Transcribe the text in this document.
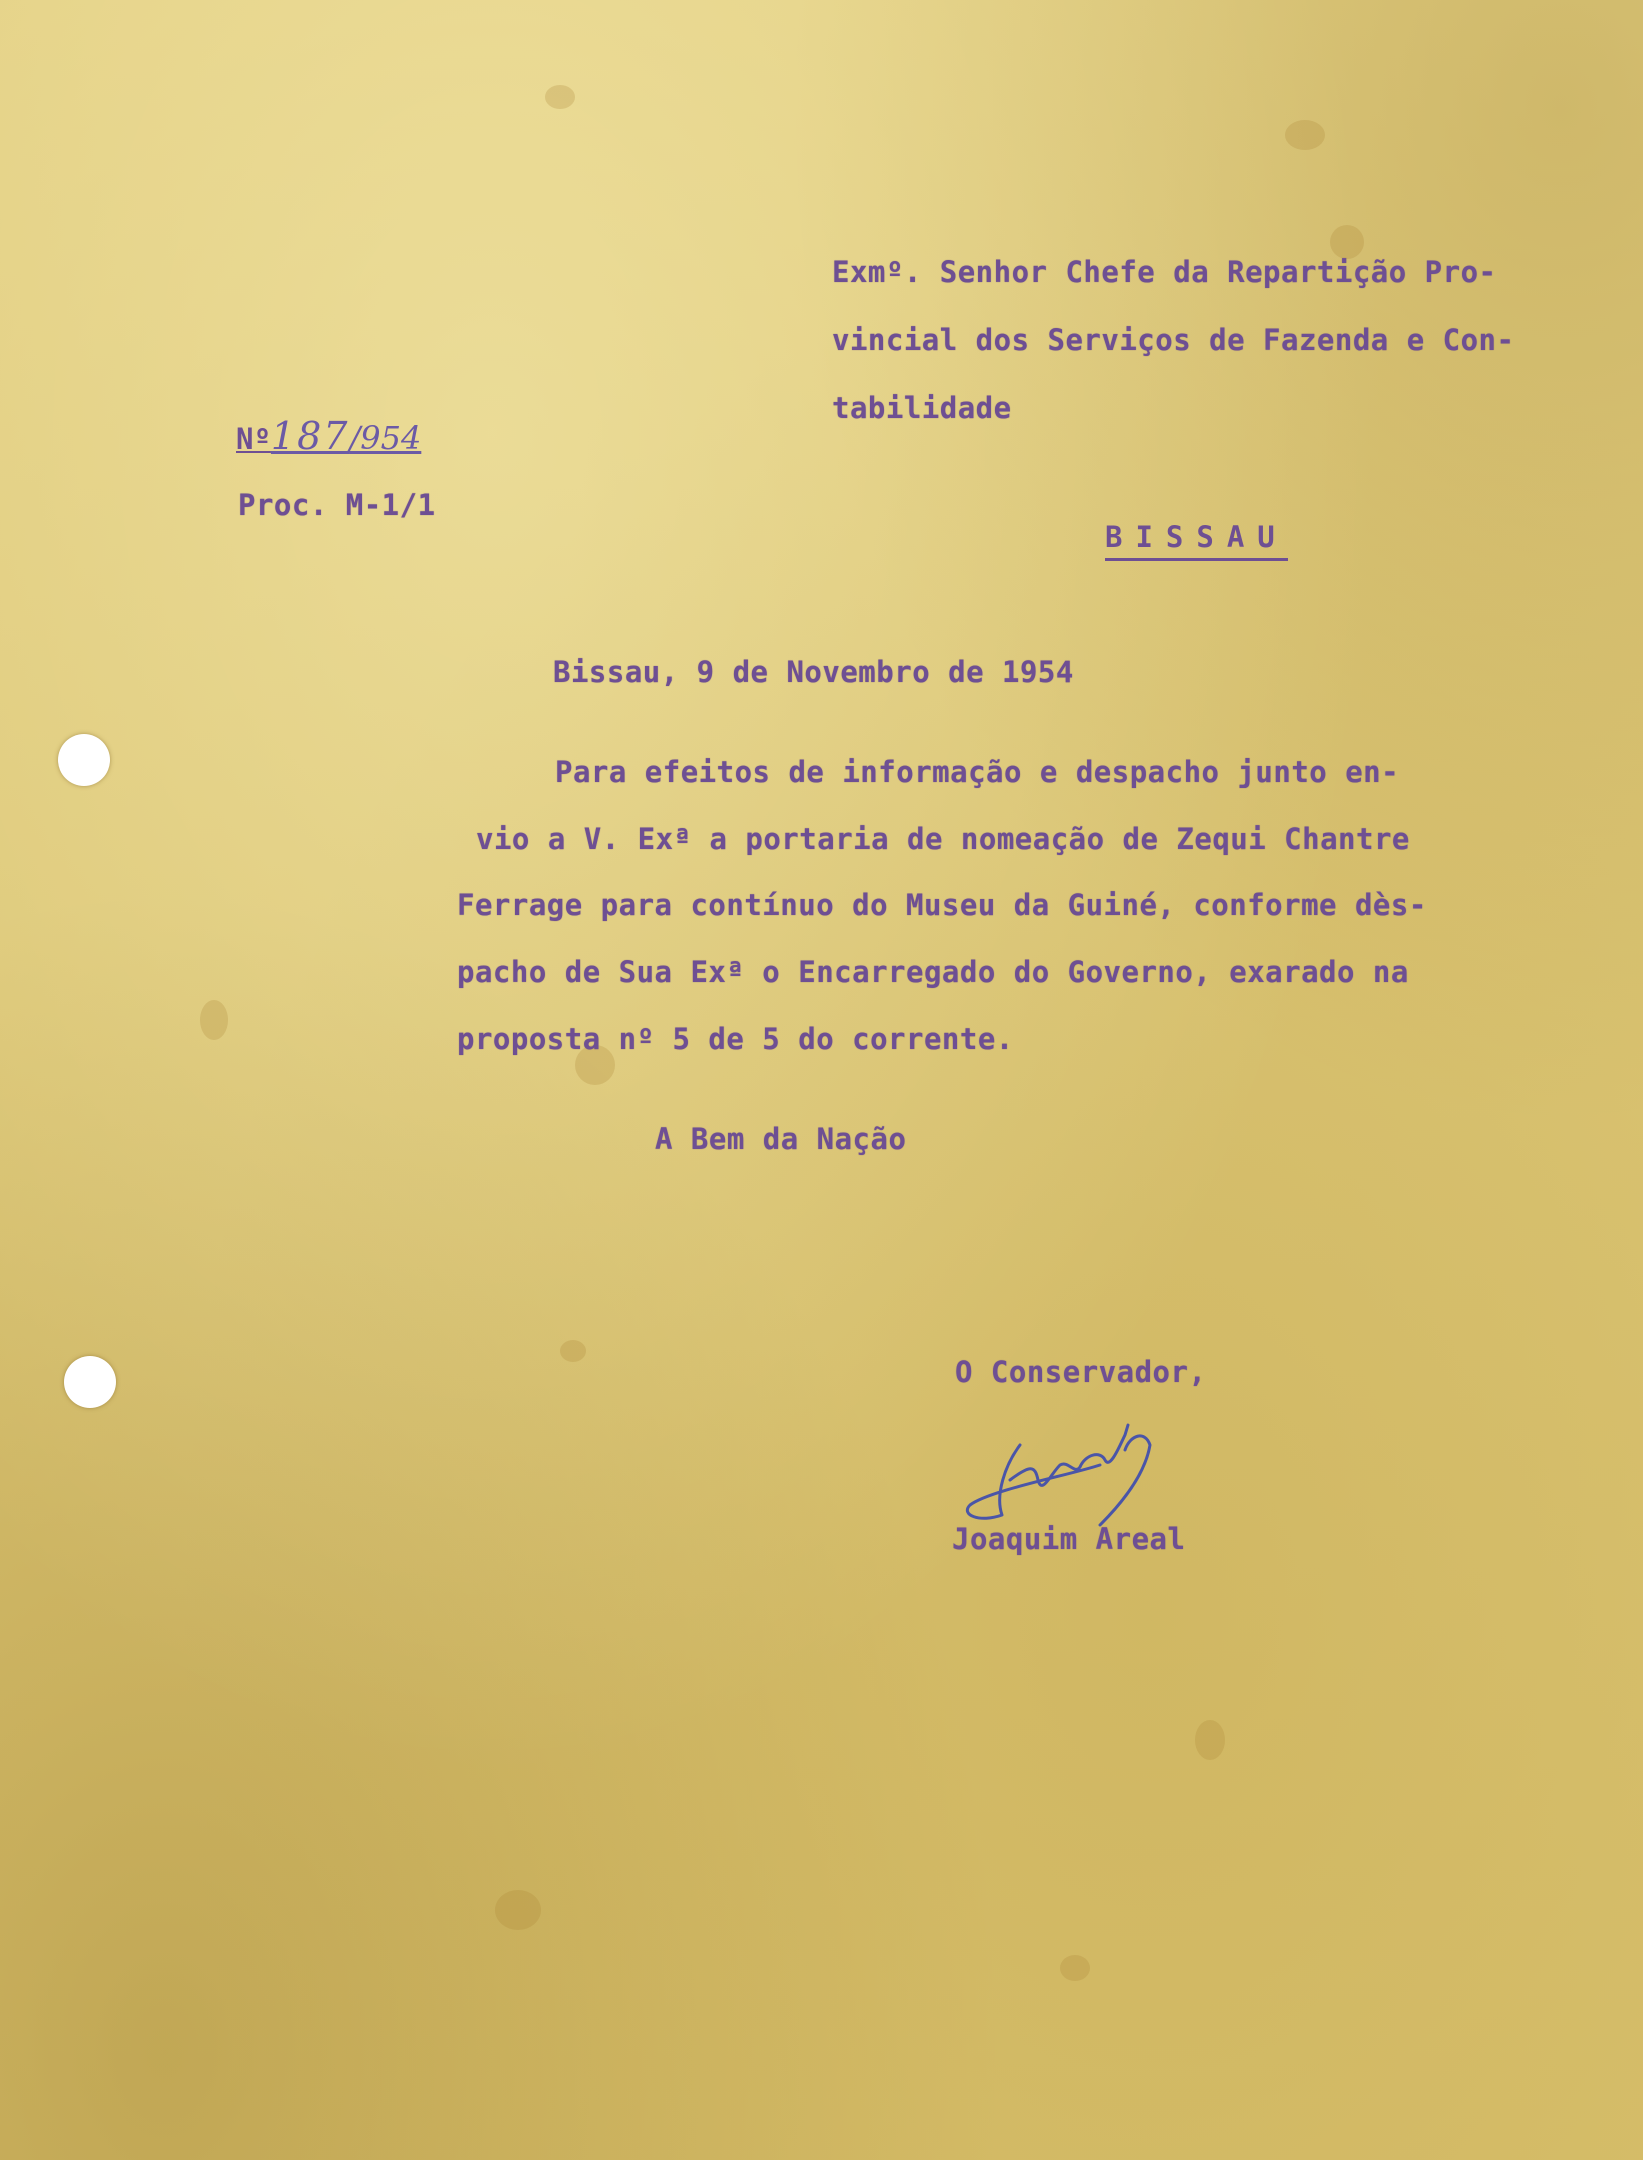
Nº187/954
Proc. M-1/1
Exmº. Senhor Chefe da Repartição Pro-
vincial dos Serviços de Fazenda e Con-
tabilidade
BISSAU
Bissau, 9 de Novembro de 1954
Para efeitos de informação e despacho junto en-
vio a V. Exª a portaria de nomeação de Zequi Chantre
Ferrage para contínuo do Museu da Guiné, conforme dès-
pacho de Sua Exª o Encarregado do Governo, exarado na
proposta nº 5 de 5 do corrente.
A Bem da Nação
O Conservador,
Joaquim Areal
